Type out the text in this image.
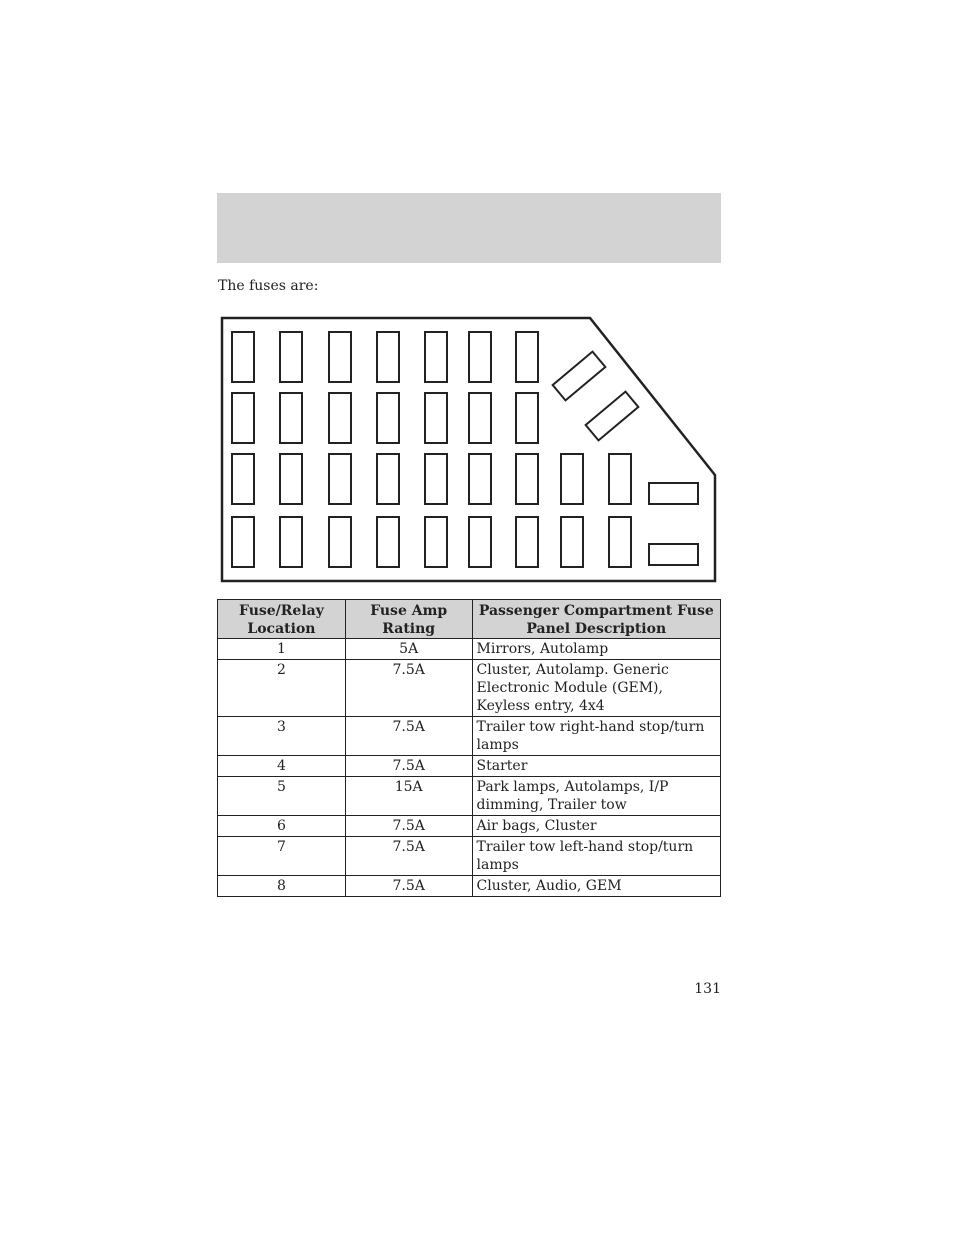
The fuses are:
Fuse/Relay Location	Fuse Amp Rating	Passenger Compartment Fuse Panel Description
1	5A	Mirrors, Autolamp
2	7.5A	Cluster, Autolamp. Generic Electronic Module (GEM), Keyless entry, 4x4
3	7.5A	Trailer tow right-hand stop/turn lamps
4	7.5A	Starter
5	15A	Park lamps, Autolamps, I/P dimming, Trailer tow
6	7.5A	Air bags, Cluster
7	7.5A	Trailer tow left-hand stop/turn lamps
8	7.5A	Cluster, Audio, GEM
131
